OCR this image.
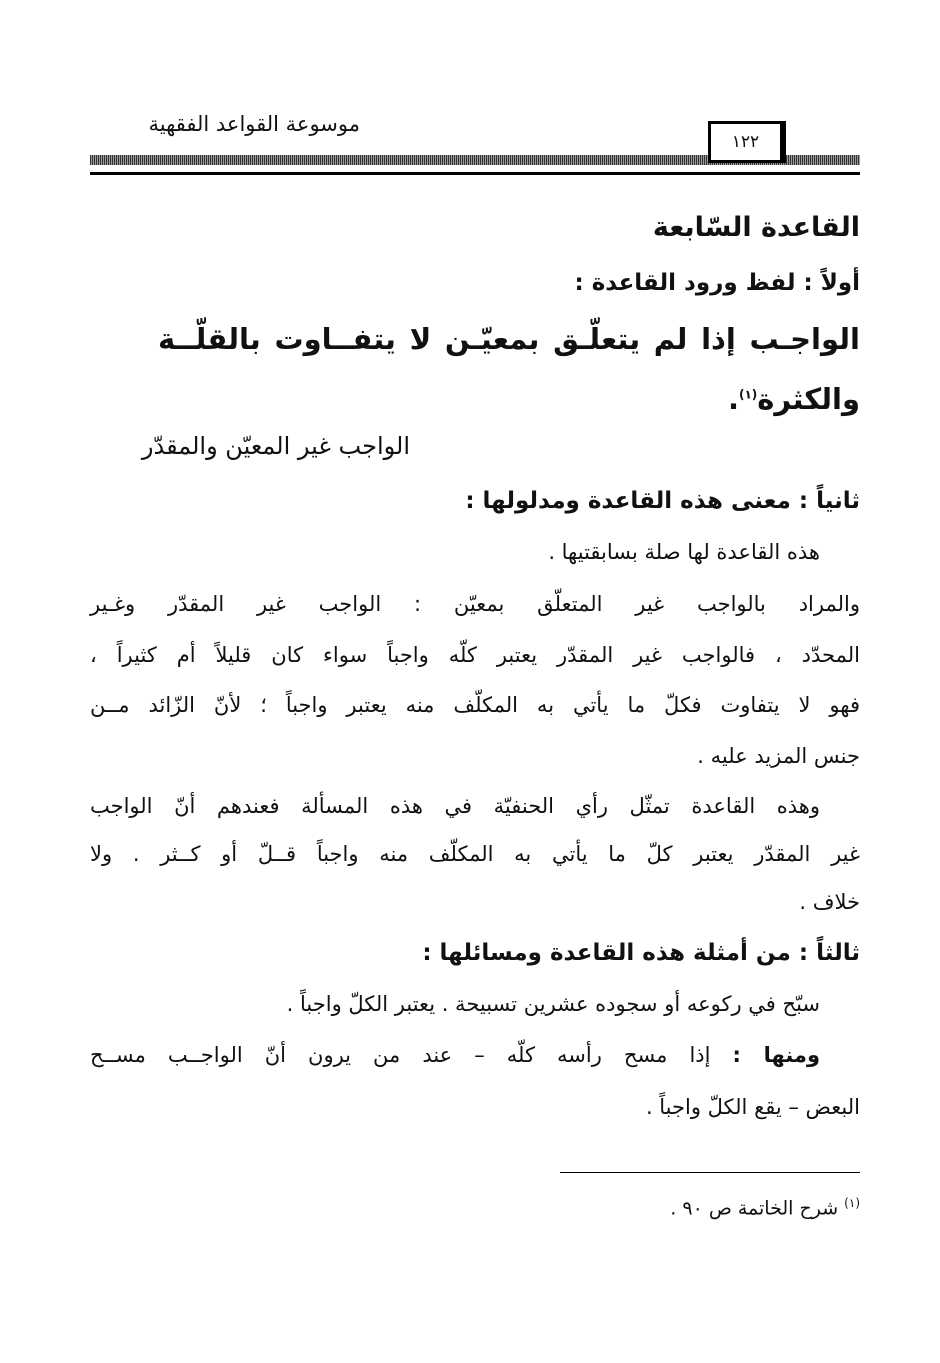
موسوعة القواعد الفقهية
١٢٢
القاعدة السّابعة
أولاً : لفظ ورود القاعدة :
الواجـب إذا لم يتعلّـق بمعيّـن لا يتفــاوت بالقلّــة
والكثرة$^{(١)}$.
الواجب غير المعيّن والمقدّر
ثانياً : معنى هذه القاعدة ومدلولها :
هذه القاعدة لها صلة بسابقتيها .
والمراد بالواجب غير المتعلّق بمعيّن : الواجب غير المقدّر وغـير
المحدّد ، فالواجب غير المقدّر يعتبر كلّه واجباً سواء كان قليلاً أم كثيراً ،
فهو لا يتفاوت فكلّ ما يأتي به المكلّف منه يعتبر واجباً ؛ لأنّ الزّائد مــن
جنس المزيد عليه .
وهذه القاعدة تمثّل رأي الحنفيّة في هذه المسألة فعندهم أنّ الواجب
غير المقدّر يعتبر كلّ ما يأتي به المكلّف منه واجباً قــلّ أو كــثر . ولا
خلاف .
ثالثاً : من أمثلة هذه القاعدة ومسائلها :
سبّح في ركوعه أو سجوده عشرين تسبيحة . يعتبر الكلّ واجباً .
ومنها : إذا مسح رأسه كلّه – عند من يرون أنّ الواجــب مســح
البعض – يقع الكلّ واجباً .
$^{(١)}$ شرح الخاتمة ص ٩٠ .
